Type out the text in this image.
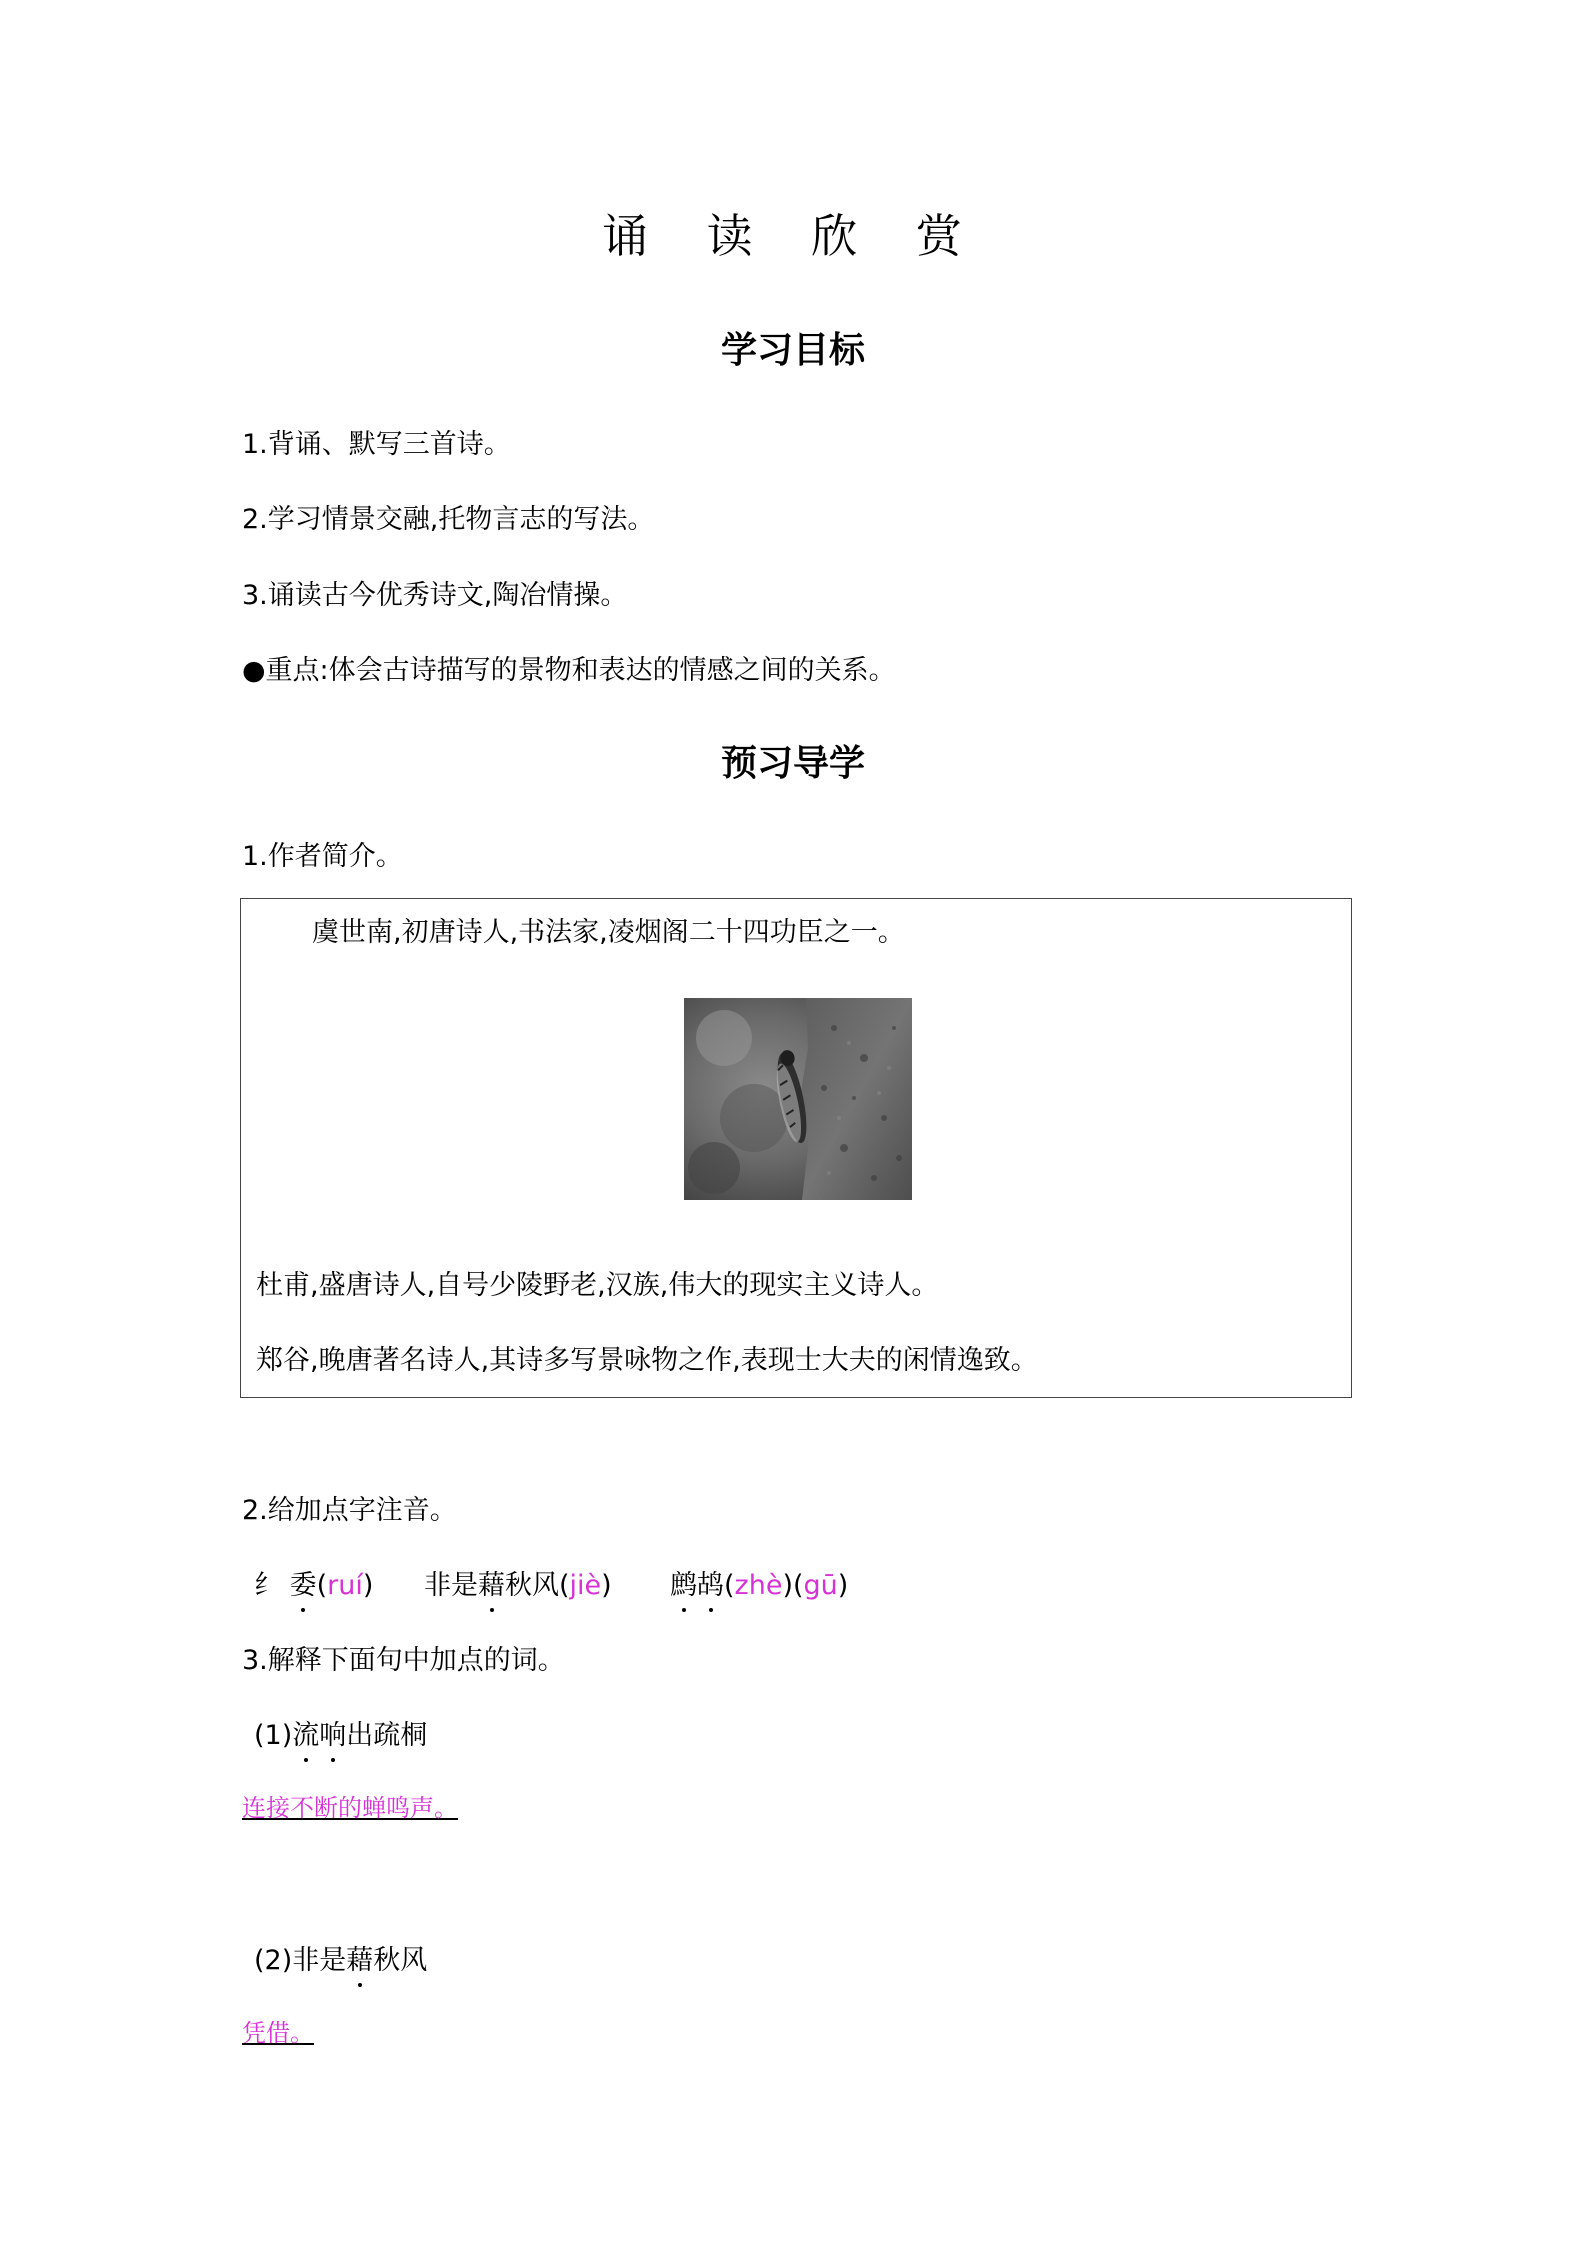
诵 读 欣 赏
学习目标
1.背诵、默写三首诗。
2.学习情景交融,托物言志的写法。
3.诵读古今优秀诗文,陶冶情操。
●重点:体会古诗描写的景物和表达的情感之间的关系。
预习导学
1.作者简介。
虞世南,初唐诗人,书法家,凌烟阁二十四功臣之一。
杜甫,盛唐诗人,自号少陵野老,汉族,伟大的现实主义诗人。
郑谷,晚唐著名诗人,其诗多写景咏物之作,表现士大夫的闲情逸致。
2.给加点字注音。
纟 委(ruí) 非是藉秋风(jiè) 鹧鸪(zhè)(gū)
3.解释下面句中加点的词。
(1)流响出疏桐
连接不断的蝉鸣声。
(2)非是藉秋风
凭借。
